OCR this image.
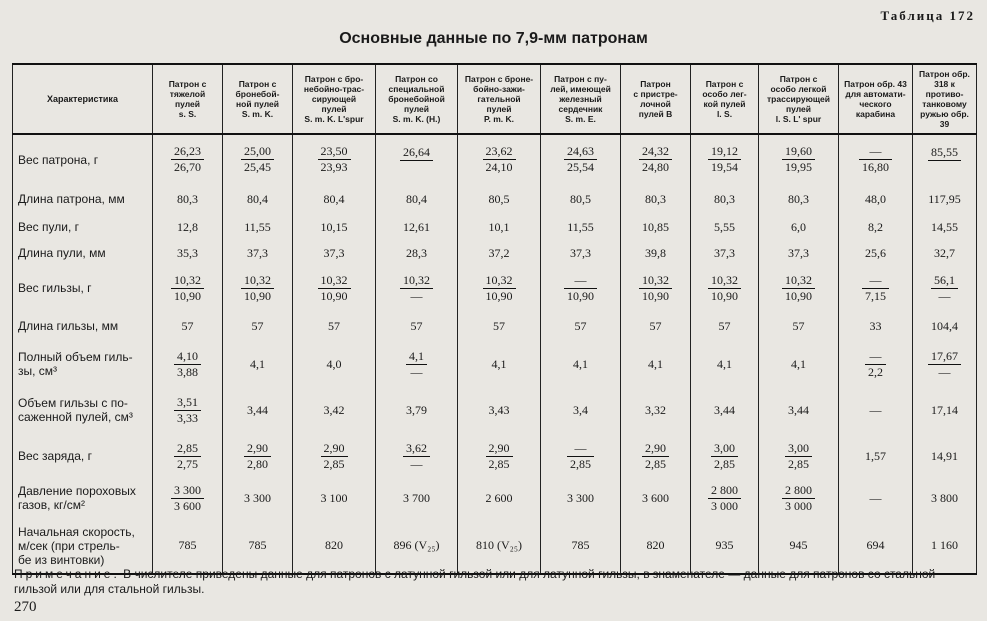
Таблица 172
Основные данные по 7,9-мм патронам
Характеристика	Патрон с
тяжелой
пулей
s. S.	Патрон с
бронебой-
ной пулей
S. m. K.	Патрон с бро-
небойно-трас-
сирующей
пулей
S. m. K. L'spur	Патрон со
специальной
бронебойной
пулей
S. m. K. (H.)	Патрон с броне-
бойно-зажи-
гательной
пулей
P. m. K.	Патрон с пу-
лей, имеющей
железный
сердечник
S. m. E.	Патрон
с пристре-
лочной
пулей B	Патрон с
особо лег-
кой пулей
l. S.	Патрон с
особо легкой
трассирующей
пулей
l. S. L' spur	Патрон обр. 43
для автомати-
ческого
карабина	Патрон обр.
318 к противо-
танковому
ружью обр. 39
Вес патрона, г	$\frac{26,23}{26,70}$	$\frac{25,00}{25,45}$	$\frac{23,50}{23,93}$	26,64	$\frac{23,62}{24,10}$	$\frac{24,63}{25,54}$	$\frac{24,32}{24,80}$	$\frac{19,12}{19,54}$	$\frac{19,60}{19,95}$	$\frac{—}{16,80}$	85,55

Длина патрона, мм	80,3	80,4	80,4	80,4	80,5	80,5	80,3	80,3	80,3	48,0	117,95
Вес пули, г	12,8	11,55	10,15	12,61	10,1	11,55	10,85	5,55	6,0	8,2	14,55
Длина пули, мм	35,3	37,3	37,3	28,3	37,2	37,3	39,8	37,3	37,3	25,6	32,7
Вес гильзы, г	$\frac{10,32}{10,90}$	$\frac{10,32}{10,90}$	$\frac{10,32}{10,90}$	$\frac{10,32}{—}$	$\frac{10,32}{10,90}$	$\frac{—}{10,90}$	$\frac{10,32}{10,90}$	$\frac{10,32}{10,90}$	$\frac{10,32}{10,90}$	$\frac{—}{7,15}$	$\frac{56,1}{—}$

Длина гильзы, мм	57	57	57	57	57	57	57	57	57	33	104,4
Полный объем гиль-
зы, см³	$\frac{4,10}{3,88}$	4,1	4,0	$\frac{4,1}{—}$	4,1	4,1	4,1	4,1	4,1	$\frac{—}{2,2}$	$\frac{17,67}{—}$

Объем гильзы с по-
саженной пулей, см³	$\frac{3,51}{3,33}$	3,44	3,42	3,79	3,43	3,4	3,32	3,44	3,44	—	17,14
Вес заряда, г	$\frac{2,85}{2,75}$	$\frac{2,90}{2,80}$	$\frac{2,90}{2,85}$	$\frac{3,62}{—}$	$\frac{2,90}{2,85}$	$\frac{—}{2,85}$	$\frac{2,90}{2,85}$	$\frac{3,00}{2,85}$	$\frac{3,00}{2,85}$	1,57	14,91
Давление пороховых
газов, кг/см²	$\frac{3 300}{3 600}$	3 300	3 100	3 700	2 600	3 300	3 600	$\frac{2 800}{3 000}$	$\frac{2 800}{3 000}$	—	3 800
Начальная скорость,
м/сек (при стрель-
бе из винтовки)	785	785	820	896 (V₂₅)	810 (V₂₅)	785	820	935	945	694	1 160
Примечание. В числителе приведены данные для патронов с латунной гильзой или для латунной гильзы, в знаменателе — данные для патронов со стальной гильзой или для стальной гильзы.
270
